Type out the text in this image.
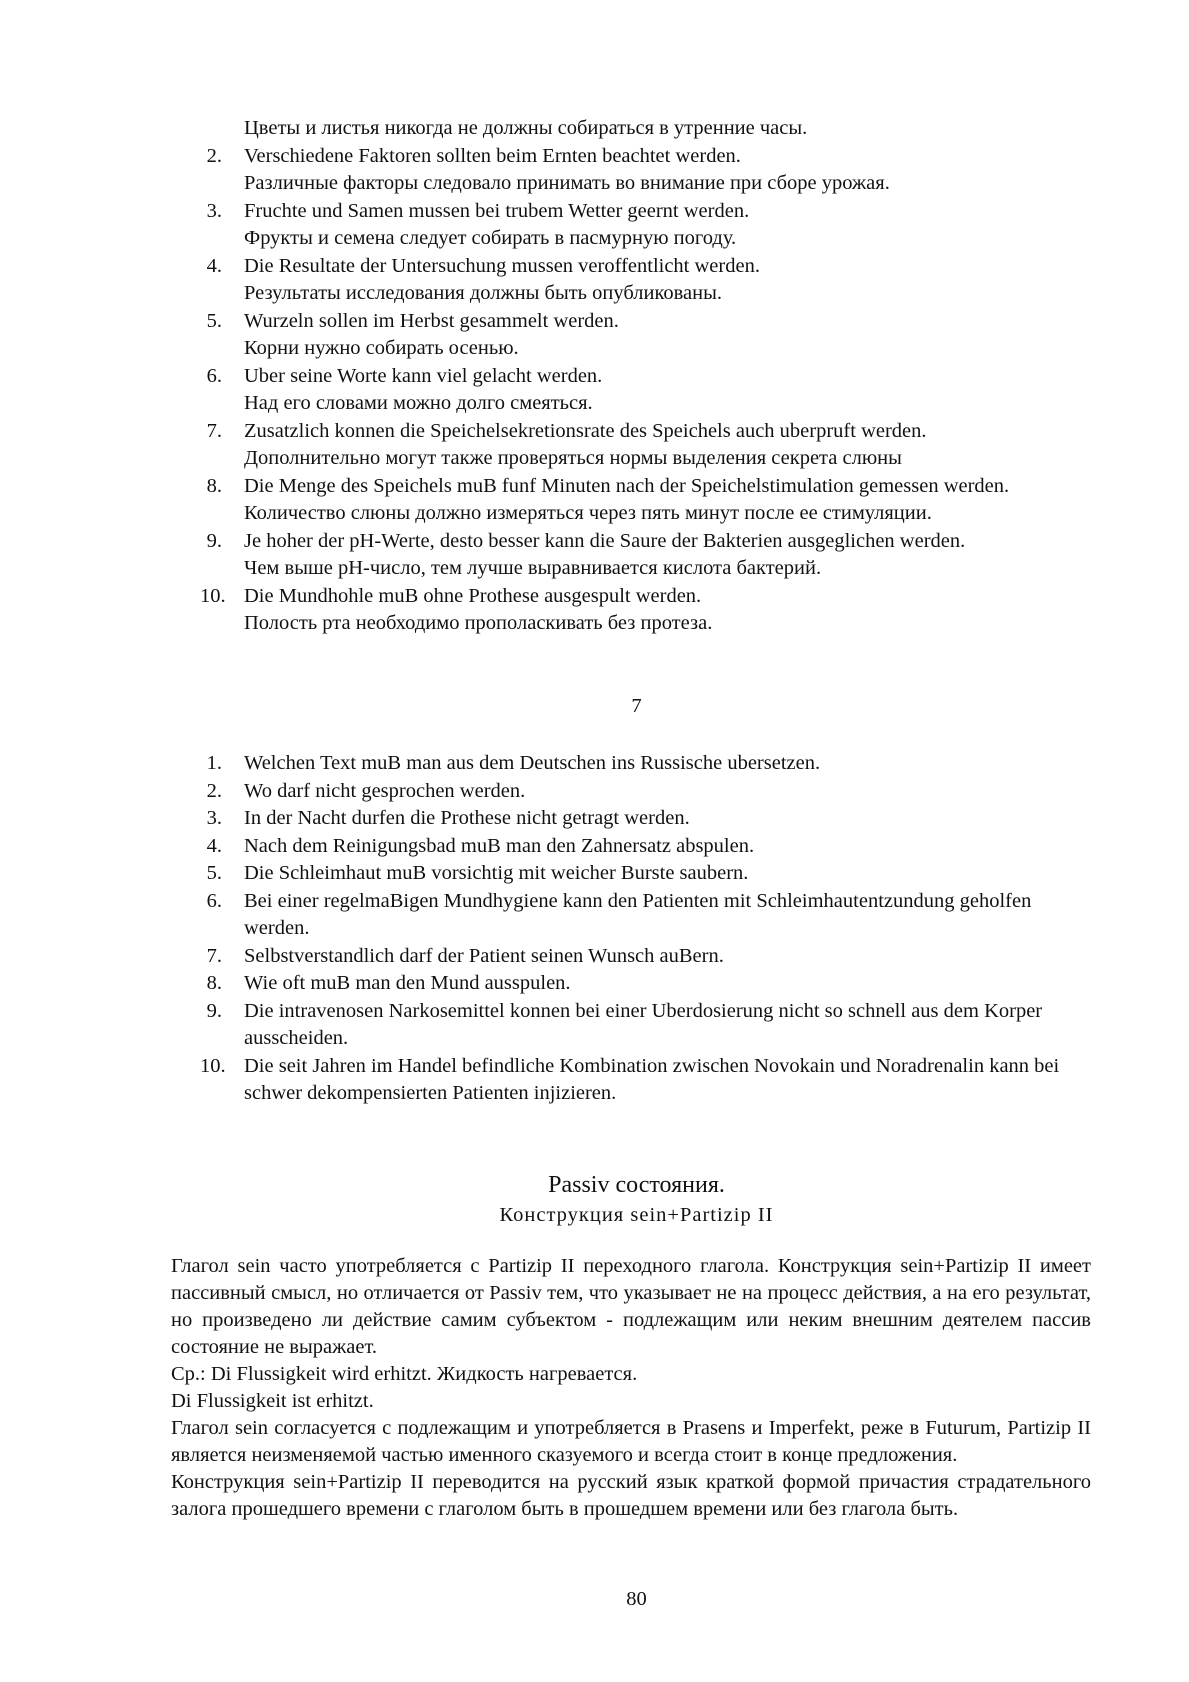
Цветы и листья никогда не должны собираться в утренние часы.
2. Verschiedene Faktoren sollten beim Ernten beachtet werden.
Различные факторы следовало принимать во внимание при сборе урожая.
3. Fruchte und Samen mussen bei trubem Wetter geernt werden.
Фрукты и семена следует собирать в пасмурную погоду.
4. Die Resultate der Untersuchung mussen veroffentlicht werden.
Результаты исследования должны быть опубликованы.
5. Wurzeln sollen im Herbst gesammelt werden.
Корни нужно собирать осенью.
6. Uber seine Worte kann viel gelacht werden.
Над его словами можно долго смеяться.
7. Zusatzlich konnen die Speichelsekretionsrate des Speichels auch uberpruft werden.
Дополнительно могут также проверяться нормы выделения секрета слюны
8. Die Menge des Speichels muB funf Minuten nach der Speichelstimulation gemessen werden.
Количество слюны должно измеряться через пять минут после ее стимуляции.
9. Je hoher der pH-Werte, desto besser kann die Saure der Bakterien ausgeglichen werden.
Чем выше pH-число, тем лучше выравнивается кислота бактерий.
10. Die Mundhohle muB ohne Prothese ausgespult werden.
Полость рта необходимо прополаскивать без протеза.
7
1. Welchen Text muB man aus dem Deutschen ins Russische ubersetzen.
2. Wo darf nicht gesprochen werden.
3. In der Nacht durfen die Prothese nicht getragt werden.
4. Nach dem Reinigungsbad muB man den Zahnersatz abspulen.
5. Die Schleimhaut muB vorsichtig mit weicher Burste saubern.
6. Bei einer regelmaBigen Mundhygiene kann den Patienten mit Schleimhautentzundung geholfen werden.
7. Selbstverstandlich darf der Patient seinen Wunsch auBern.
8. Wie oft muB man den Mund ausspulen.
9. Die intravenosen Narkosemittel konnen bei einer Uberdosierung nicht so schnell aus dem Korper ausscheiden.
10. Die seit Jahren im Handel befindliche Kombination zwischen Novokain und Noradrenalin kann bei schwer dekompensierten Patienten injizieren.
Passiv состояния.
Конструкция sein+Partizip II

Глагол sein часто употребляется с Partizip II переходного глагола. Конструкция sein+Partizip II имеет пассивный смысл, но отличается от Passiv тем, что указывает не на процесс действия, а на его результат, но произведено ли действие самим субъектом - подлежащим или неким внешним деятелем пассив состояние не выражает.

Ср.: Di Flussigkeit wird erhitzt. Жидкость нагревается.

Di Flussigkeit ist erhitzt.

Глагол sein согласуется с подлежащим и употребляется в Prasens и Imperfekt, реже в Futurum, Partizip II является неизменяемой частью именного сказуемого и всегда стоит в конце предложения.

Конструкция sein+Partizip II переводится на русский язык краткой формой причастия страдательного залога прошедшего времени с глаголом быть в прошедшем времени или без глагола быть.

80
